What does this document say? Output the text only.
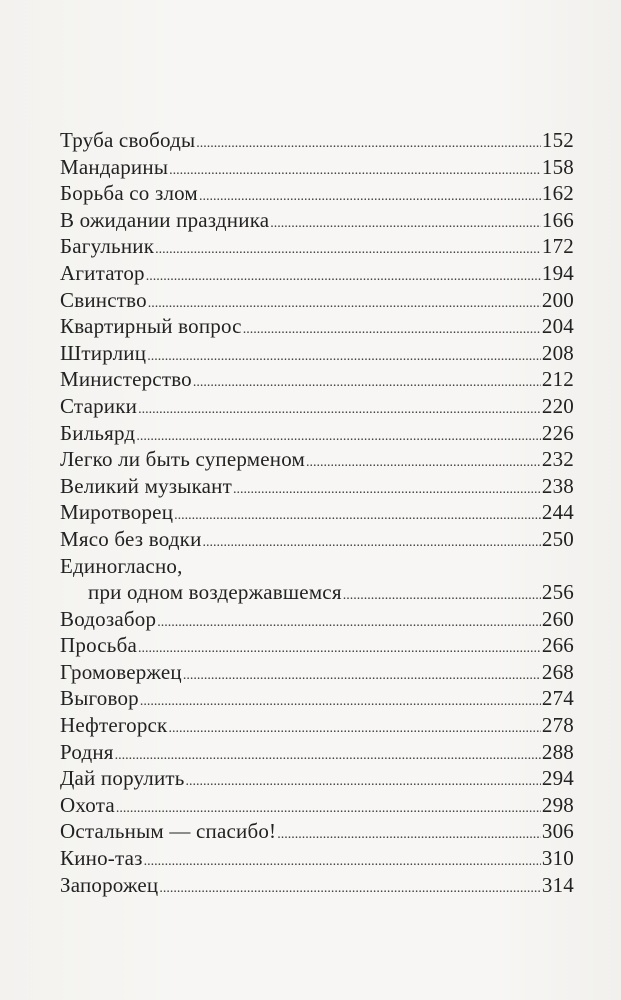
Труба свободы .....	152
Мандарины .....	158
Борьба со злом .....	162
В ожидании праздника .....	166
Багульник .....	172
Агитатор .....	194
Свинство .....	200
Квартирный вопрос .....	204
Штирлиц .....	208
Министерство .....	212
Старики .....	220
Бильярд .....	226
Легко ли быть суперменом .....	232
Великий музыкант .....	238
Миротворец .....	244
Мясо без водки .....	250
Единогласно,
при одном воздержавшемся .....	256
Водозабор .....	260
Просьба .....	266
Громовержец .....	268
Выговор .....	274
Нефтегорск .....	278
Родня .....	288
Дай порулить .....	294
Охота .....	298
Остальным — спасибо! .....	306
Кино-таз .....	310
Запорожец .....	314
